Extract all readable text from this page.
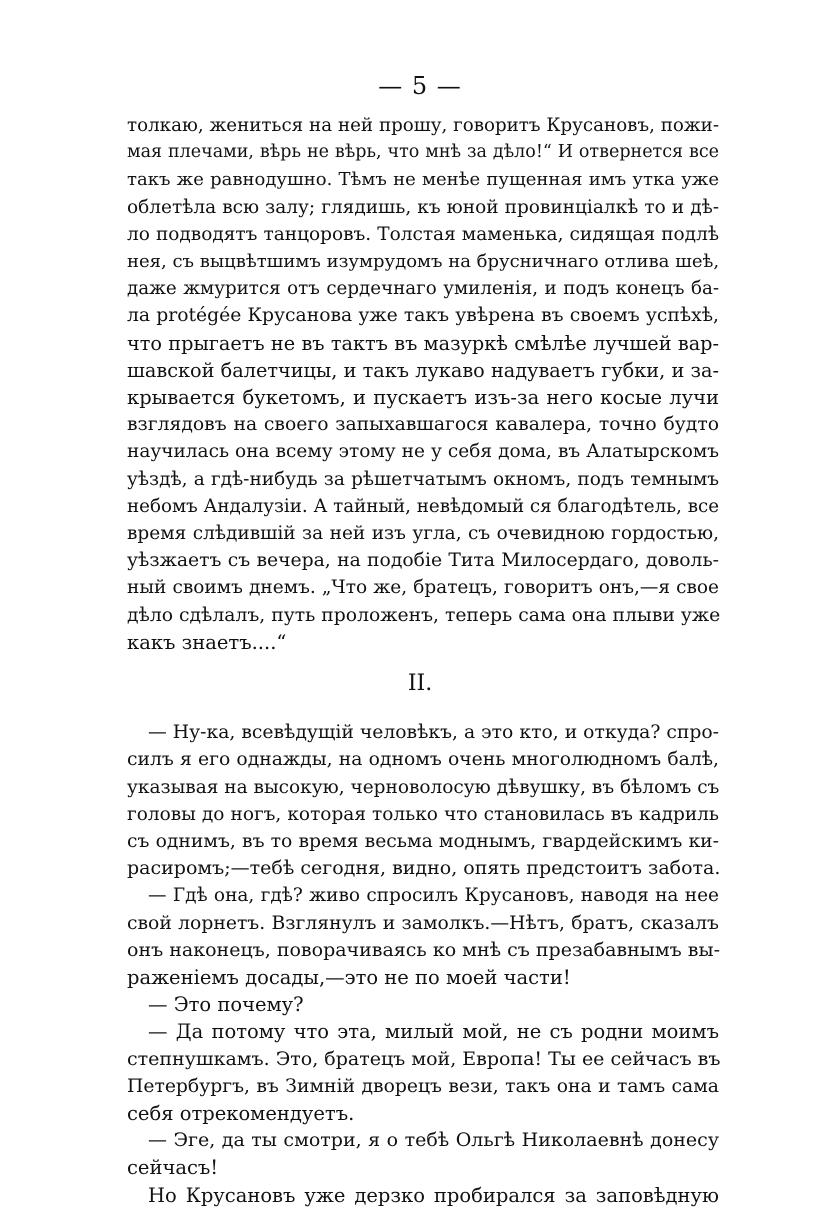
— 5 —
толкаю, жениться на ней прошу, говоритъ Крусановъ, пожи-
мая плечами, вѣрь не вѣрь, что мнѣ за дѣло!“ И отвернется все
такъ же равнодушно. Тѣмъ не менѣе пущенная имъ утка уже
облетѣла всю залу; глядишь, къ юной провинціалкѣ то и дѣ-
ло подводятъ танцоровъ. Толстая маменька, сидящая подлѣ
нея, съ выцвѣтшимъ изумрудомъ на брусничнаго отлива шеѣ,
даже жмурится отъ сердечнаго умиленія, и подъ конецъ ба-
ла protégée Крусанова уже такъ увѣрена въ своемъ успѣхѣ,
что прыгаетъ не въ тактъ въ мазуркѣ смѣлѣе лучшей вар-
шавской балетчицы, и такъ лукаво надуваетъ губки, и за-
крывается букетомъ, и пускаетъ изъ-за него косые лучи
взглядовъ на своего запыхавшагося кавалера, точно будто
научилась она всему этому не у себя дома, въ Алатырскомъ
уѣздѣ, а гдѣ-нибудь за рѣшетчатымъ окномъ, подъ темнымъ
небомъ Андалузіи. А тайный, невѣдомый ся благодѣтель, все
время слѣдившій за ней изъ угла, съ очевидною гордостью,
уѣзжаетъ съ вечера, на подобіе Тита Милосердаго, доволь-
ный своимъ днемъ. „Что же, братецъ, говоритъ онъ,—я свое
дѣло сдѣлалъ, путь проложенъ, теперь сама она плыви уже
какъ знаетъ....“
II.
— Ну-ка, всевѣдущій человѣкъ, а это кто, и откуда? спро-
силъ я его однажды, на одномъ очень многолюдномъ балѣ,
указывая на высокую, черноволосую дѣвушку, въ бѣломъ съ
головы до ногъ, которая только что становилась въ кадриль
съ однимъ, въ то время весьма моднымъ, гвардейскимъ ки-
расиромъ;—тебѣ сегодня, видно, опять предстоитъ забота.
— Гдѣ она, гдѣ? живо спросилъ Крусановъ, наводя на нее
свой лорнетъ. Взглянулъ и замолкъ.—Нѣтъ, братъ, сказалъ
онъ наконецъ, поворачиваясь ко мнѣ съ презабавнымъ вы-
раженіемъ досады,—это не по моей части!
— Это почему?
— Да потому что эта, милый мой, не съ родни моимъ
степнушкамъ. Это, братецъ мой, Европа! Ты ее сейчасъ въ
Петербургъ, въ Зимній дворецъ вези, такъ она и тамъ сама
себя отрекомендуетъ.
— Эге, да ты смотри, я о тебѣ Ольгѣ Николаевнѣ донесу
сейчасъ!
Но Крусановъ уже дерзко пробирался за заповѣдную
